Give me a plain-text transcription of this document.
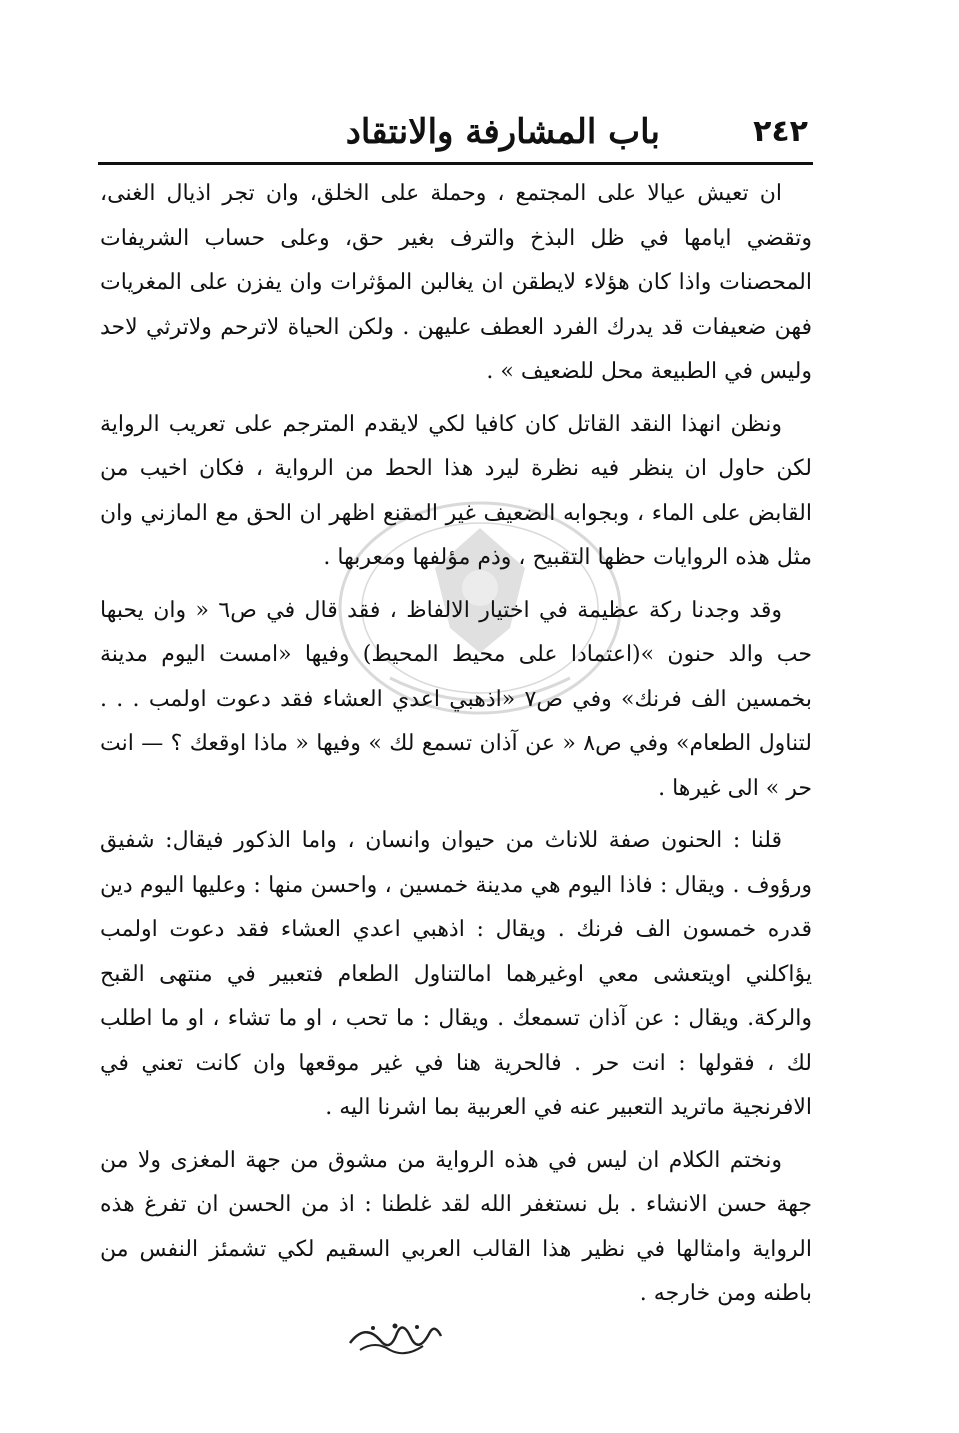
٢٤٢
باب المشارفة والانتقاد

ان تعيش عيالا على المجتمع ، وحملة على الخلق، وان تجر اذيال الغنى، وتقضي ايامها في ظل البذخ والترف بغير حق، وعلى حساب الشريفات المحصنات واذا كان هؤلاء لايطقن ان يغالبن المؤثرات وان يفزن على المغريات فهن ضعيفات قد يدرك الفرد العطف عليهن . ولكن الحياة لاترحم ولاترثي لاحد وليس في الطبيعة محل للضعيف » .

ونظن انهذا النقد القاتل كان كافيا لكي لايقدم المترجم على تعريب الرواية لكن حاول ان ينظر فيه نظرة ليرد هذا الحط من الرواية ، فكان اخيب من القابض على الماء ، وبجوابه الضعيف غير المقنع اظهر ان الحق مع المازني وان مثل هذه الروايات حظها التقبيح ، وذم مؤلفها ومعربها .

وقد وجدنا ركة عظيمة في اختيار الالفاظ ، فقد قال في ص٦ « وان يحبها حب والد حنون »(اعتمادا على محيط المحيط) وفيها «امست اليوم مدينة بخمسين الف فرنك» وفي ص٧ «اذهبي اعدي العشاء فقد دعوت اولمب . . . لتناول الطعام» وفي ص٨ « عن آذان تسمع لك » وفيها « ماذا اوقعك ؟ — انت حر » الى غيرها .

قلنا : الحنون صفة للاناث من حيوان وانسان ، واما الذكور فيقال: شفيق ورؤوف . ويقال : فاذا اليوم هي مدينة خمسين ، واحسن منها : وعليها اليوم دين قدره خمسون الف فرنك . ويقال : اذهبي اعدي العشاء فقد دعوت اولمب يؤاكلني اويتعشى معي اوغيرهما امالتناول الطعام فتعبير في منتهى القبح والركة. ويقال : عن آذان تسمعك . ويقال : ما تحب ، او ما تشاء ، او ما اطلب لك ، فقولها : انت حر . فالحرية هنا في غير موقعها وان كانت تعني في الافرنجية ماتريد التعبير عنه في العربية بما اشرنا اليه .

ونختم الكلام ان ليس في هذه الرواية من مشوق من جهة المغزى ولا من جهة حسن الانشاء . بل نستغفر الله لقد غلطنا : اذ من الحسن ان تفرغ هذه الرواية وامثالها في نظير هذا القالب العربي السقيم لكي تشمئز النفس من باطنه ومن خارجه .
